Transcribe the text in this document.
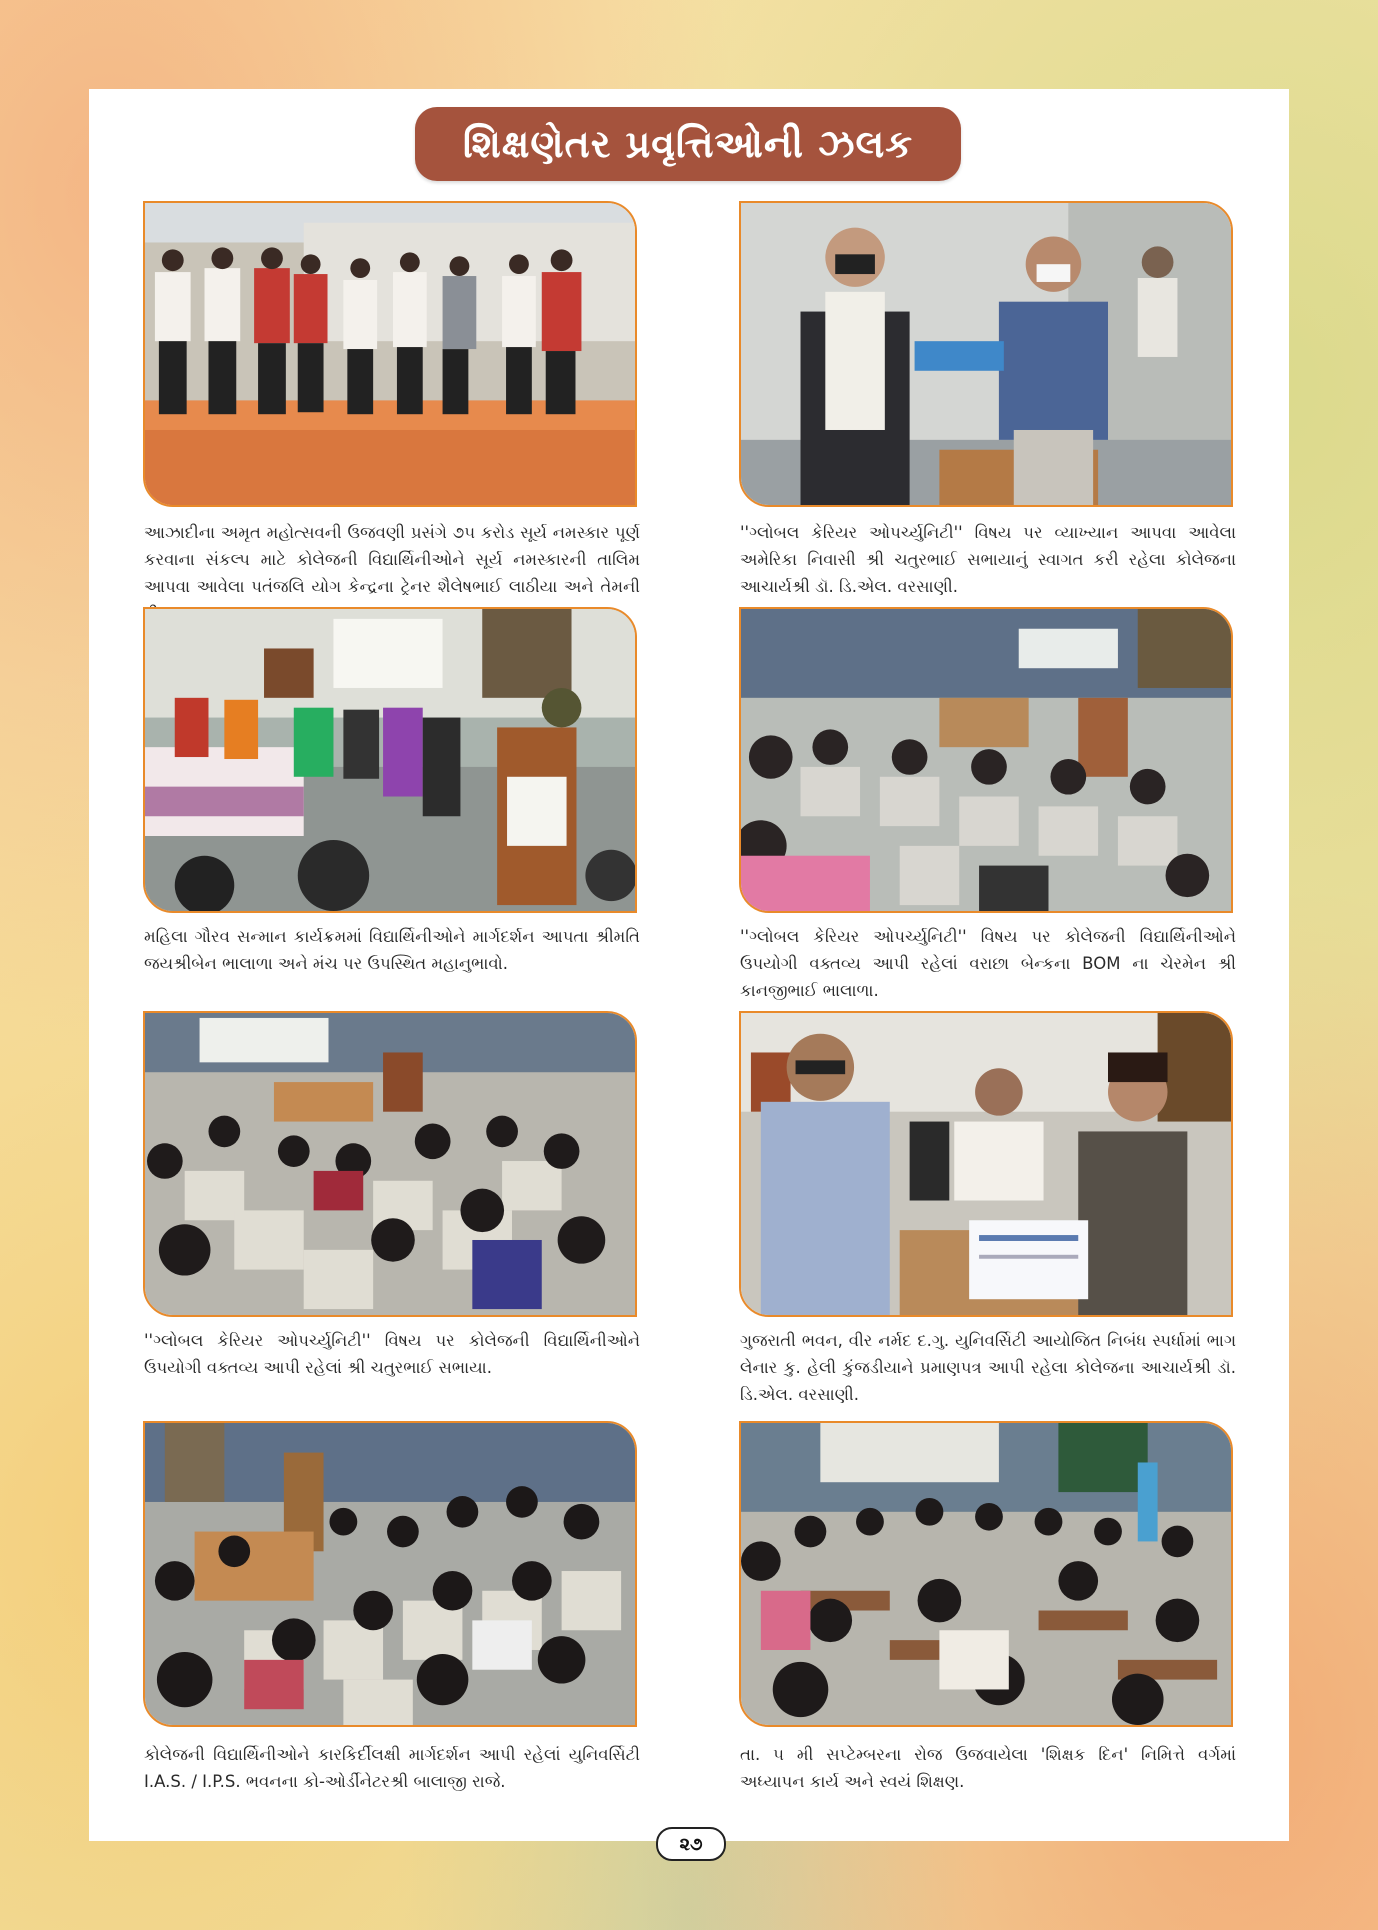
શિક્ષણેતર પ્રવૃત્તિઓની ઝલક
આઝાદીના અમૃત મહોત્સવની ઉજવણી પ્રસંગે ૭૫ કરોડ સૂર્ય નમસ્કાર પૂર્ણ કરવાના સંકલ્પ માટે કોલેજની વિદ્યાર્થિનીઓને સૂર્ય નમસ્કારની તાલિમ આપવા આવેલા પતંજલિ યોગ કેન્દ્રના ટ્રેનર શૈલેષભાઈ લાઠીયા અને તેમની
''ગ્લોબલ કેરિયર ઓપર્ચ્યુનિટી'' વિષય પર વ્યાખ્યાન આપવા આવેલા અમેરિકા નિવાસી શ્રી ચતુરભાઈ સભાયાનું સ્વાગત કરી રહેલા કોલેજના આચાર્યશ્રી ડૉ. ડિ.એલ. વરસાણી.
મહિલા ગૌરવ સન્માન કાર્યક્રમમાં વિદ્યાર્થિનીઓને માર્ગદર્શન આપતા શ્રીમતિ જયશ્રીબેન ભાલાળા અને મંચ પર ઉપસ્થિત મહાનુભાવો.
''ગ્લોબલ કેરિયર ઓપર્ચ્યુનિટી'' વિષય પર કોલેજની વિદ્યાર્થિનીઓને ઉપયોગી વક્તવ્ય આપી રહેલાં વરાછા બેન્કના BOM ના ચેરમેન શ્રી કાનજીભાઈ ભાલાળા.
''ગ્લોબલ કેરિયર ઓપર્ચ્યુનિટી'' વિષય પર કોલેજની વિદ્યાર્થિનીઓને ઉપયોગી વક્તવ્ય આપી રહેલાં શ્રી ચતુરભાઈ સભાયા.
ગુજરાતી ભવન, વીર નર્મદ દ.ગુ. યુનિવર્સિટી આયોજિત નિબંધ સ્પર્ધામાં ભાગ લેનાર કુ. હેલી કુંજડીયાને પ્રમાણપત્ર આપી રહેલા કોલેજના આચાર્યશ્રી ડૉ. ડિ.એલ. વરસાણી.
કોલેજની વિદ્યાર્થિનીઓને કારકિર્દીલક્ષી માર્ગદર્શન આપી રહેલાં યુનિવર્સિટી I.A.S. / I.P.S. ભવનના કો-ઓર્ડીનેટરશ્રી બાલાજી રાજે.
તા. ૫ મી સપ્ટેમ્બરના રોજ ઉજવાયેલા 'શિક્ષક દિન' નિમિત્તે વર્ગમાં અધ્યાપન કાર્ય અને સ્વયં શિક્ષણ.
૨૭
